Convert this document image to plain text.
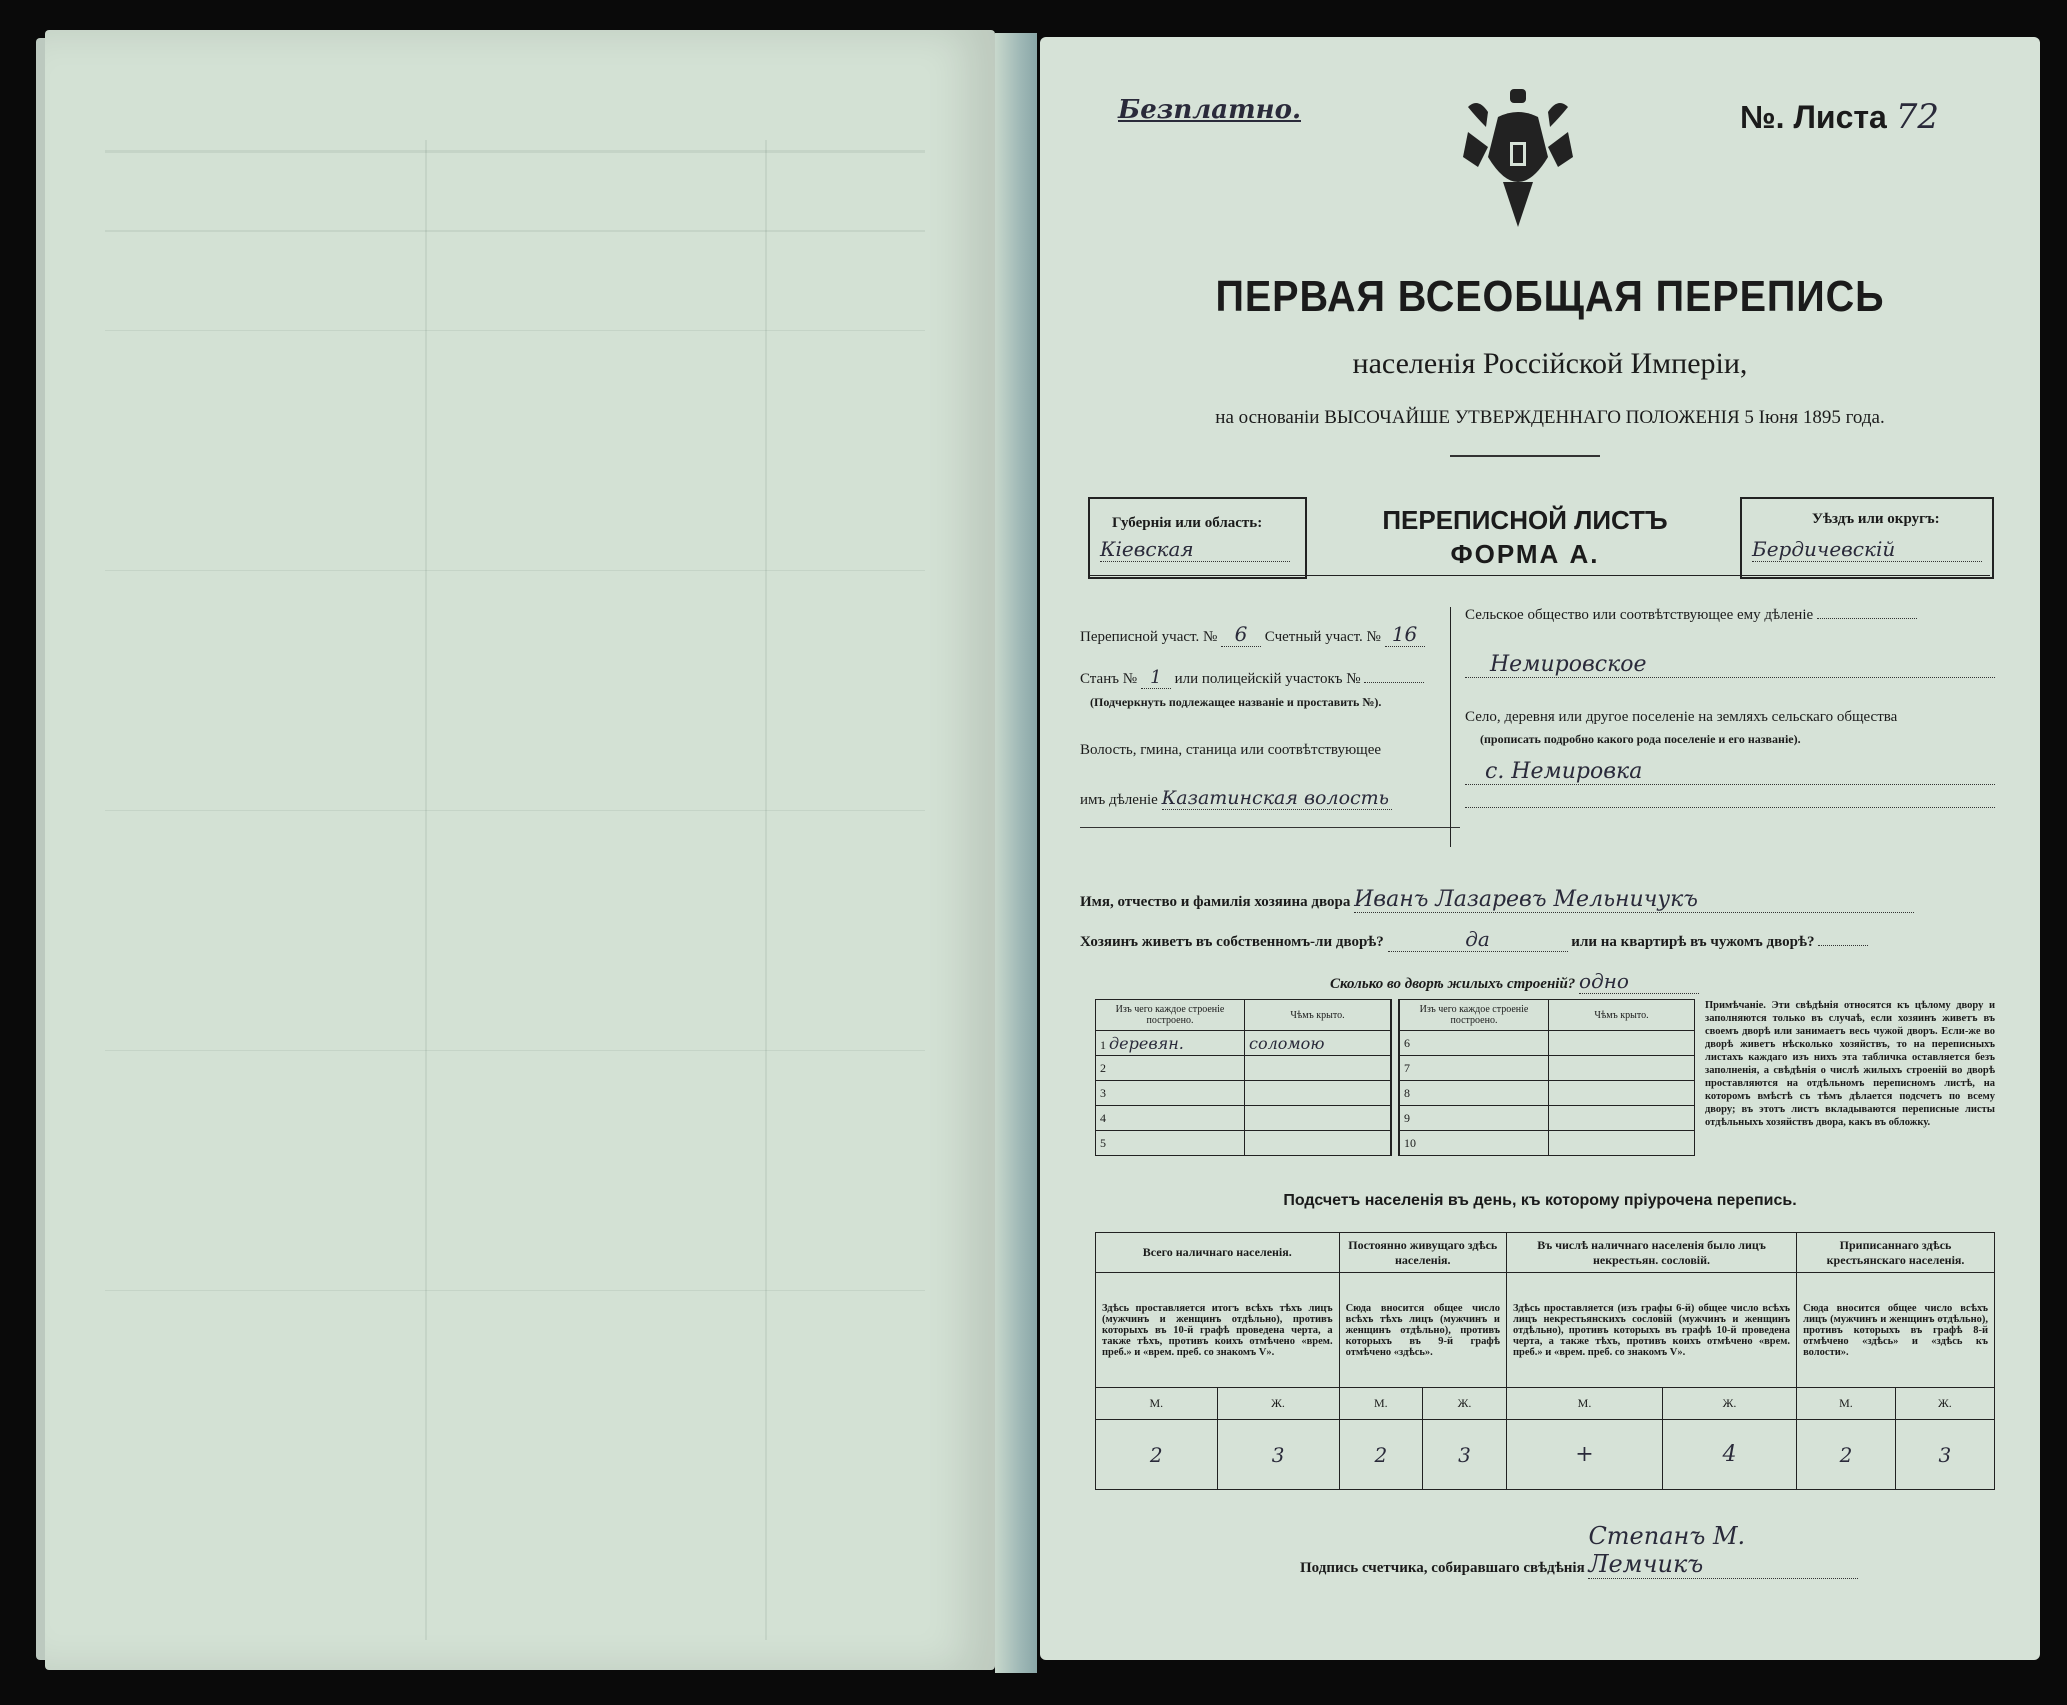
Безплатно.	№. Листа 72
ПЕРВАЯ ВСЕОБЩАЯ ПЕРЕПИСЬ
населенія Россійской Имперіи,
на основаніи ВЫСОЧАЙШЕ УТВЕРЖДЕННАГО ПОЛОЖЕНІЯ 5 Іюня 1895 года.
Губернія или область:
Кіевская
ПЕРЕПИСНОЙ ЛИСТЪ
ФОРМА А.
Уѣздъ или округъ:
Бердичевскій
Переписной участ. № 6 Счетный участ. № 16
Станъ № 1 или полицейскій участокъ №
(Подчеркнуть подлежащее названіе и проставить №).
Волость, гмина, станица или соотвѣтствующее
имъ дѣленіе Казатинская волость
Сельское общество или соотвѣтствующее ему дѣленіе
Немировское
Село, деревня или другое поселеніе на земляхъ сельскаго общества
(прописать подробно какого рода поселеніе и его названіе).
с. Немировка
Имя, отчество и фамилія хозяина двора Иванъ Лазаревъ Мельничукъ
Хозяинъ живетъ въ собственномъ-ли дворѣ?	да	или на квартирѣ въ чужомъ дворѣ?
Сколько во дворѣ жилыхъ строеній? одно
Изъ чего каждое строеніе построено.	Чѣмъ крыто.
1 деревян.	соломою
2	
3	
4	
5	
Изъ чего каждое строеніе построено.	Чѣмъ крыто.
6	
7	
8	
9	
10	
Примѣчаніе. Эти свѣдѣнія относятся къ цѣлому двору и заполняются только въ случаѣ, если хозяинъ живетъ въ своемъ дворѣ или занимаетъ весь чужой дворъ. Если-же во дворѣ живетъ нѣсколько хозяйствъ, то на переписныхъ листахъ каждаго изъ нихъ эта табличка оставляется безъ заполненія, а свѣдѣнія о числѣ жилыхъ строеній во дворѣ проставляются на отдѣльномъ переписномъ листѣ, на которомъ вмѣстѣ съ тѣмъ дѣлается подсчетъ по всему двору; въ этотъ листъ вкладываются переписные листы отдѣльныхъ хозяйствъ двора, какъ въ обложку.
Подсчетъ населенія въ день, къ которому пріурочена перепись.
Всего наличнаго населенія.		Постоянно живущаго здѣсь населенія.		Въ числѣ наличнаго населенія было лицъ некрестьян. сословій.		Приписаннаго здѣсь крестьянскаго населенія.	
Здѣсь проставляется итогъ всѣхъ тѣхъ лицъ (мужчинъ и женщинъ отдѣльно), противъ которыхъ въ 10-й графѣ проведена черта, а также тѣхъ, противъ коихъ отмѣчено «врем. преб.» и «врем. преб. со знакомъ V».		Сюда вносится общее число всѣхъ тѣхъ лицъ (мужчинъ и женщинъ отдѣльно), противъ которыхъ въ 9-й графѣ отмѣчено «здѣсь».		Здѣсь проставляется (изъ графы 6-й) общее число всѣхъ лицъ некрестьянскихъ сословій (мужчинъ и женщинъ отдѣльно), противъ которыхъ въ графѣ 10-й проведена черта, а также тѣхъ, противъ коихъ отмѣчено «врем. преб.» и «врем. преб. со знакомъ V».		Сюда вносится общее число всѣхъ лицъ (мужчинъ и женщинъ отдѣльно), противъ которыхъ въ графѣ 8-й отмѣчено «здѣсь» и «здѣсь къ волости».	
М.	Ж.	М.	Ж.	М.	Ж.	М.	Ж.
2	3	2	3	+	4	2	3
Подпись счетчика, собиравшаго свѣдѣнія Степанъ М. Лемчикъ
